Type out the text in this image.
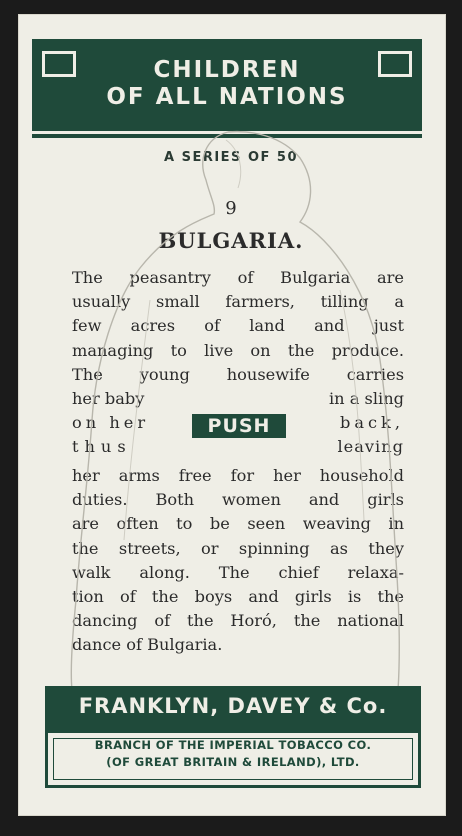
CHILDREN
OF ALL NATIONS
A SERIES OF 50
9
BULGARIA.
The peasantry of Bulgaria are
usually small farmers, tilling a
few acres of land and just
managing to live on the produce.
The young housewife carries
her baby	in a sling
on her	back,
thus	leaving
her arms free for her household
duties. Both women and girls
are often to be seen weaving in
the streets, or spinning as they
walk along. The chief relaxa-
tion of the boys and girls is the
dancing of the Horó, the national
dance of Bulgaria.
PUSH
FRANKLYN, DAVEY & Co.
BRANCH OF THE IMPERIAL TOBACCO CO.
(OF GREAT BRITAIN & IRELAND), LTD.
